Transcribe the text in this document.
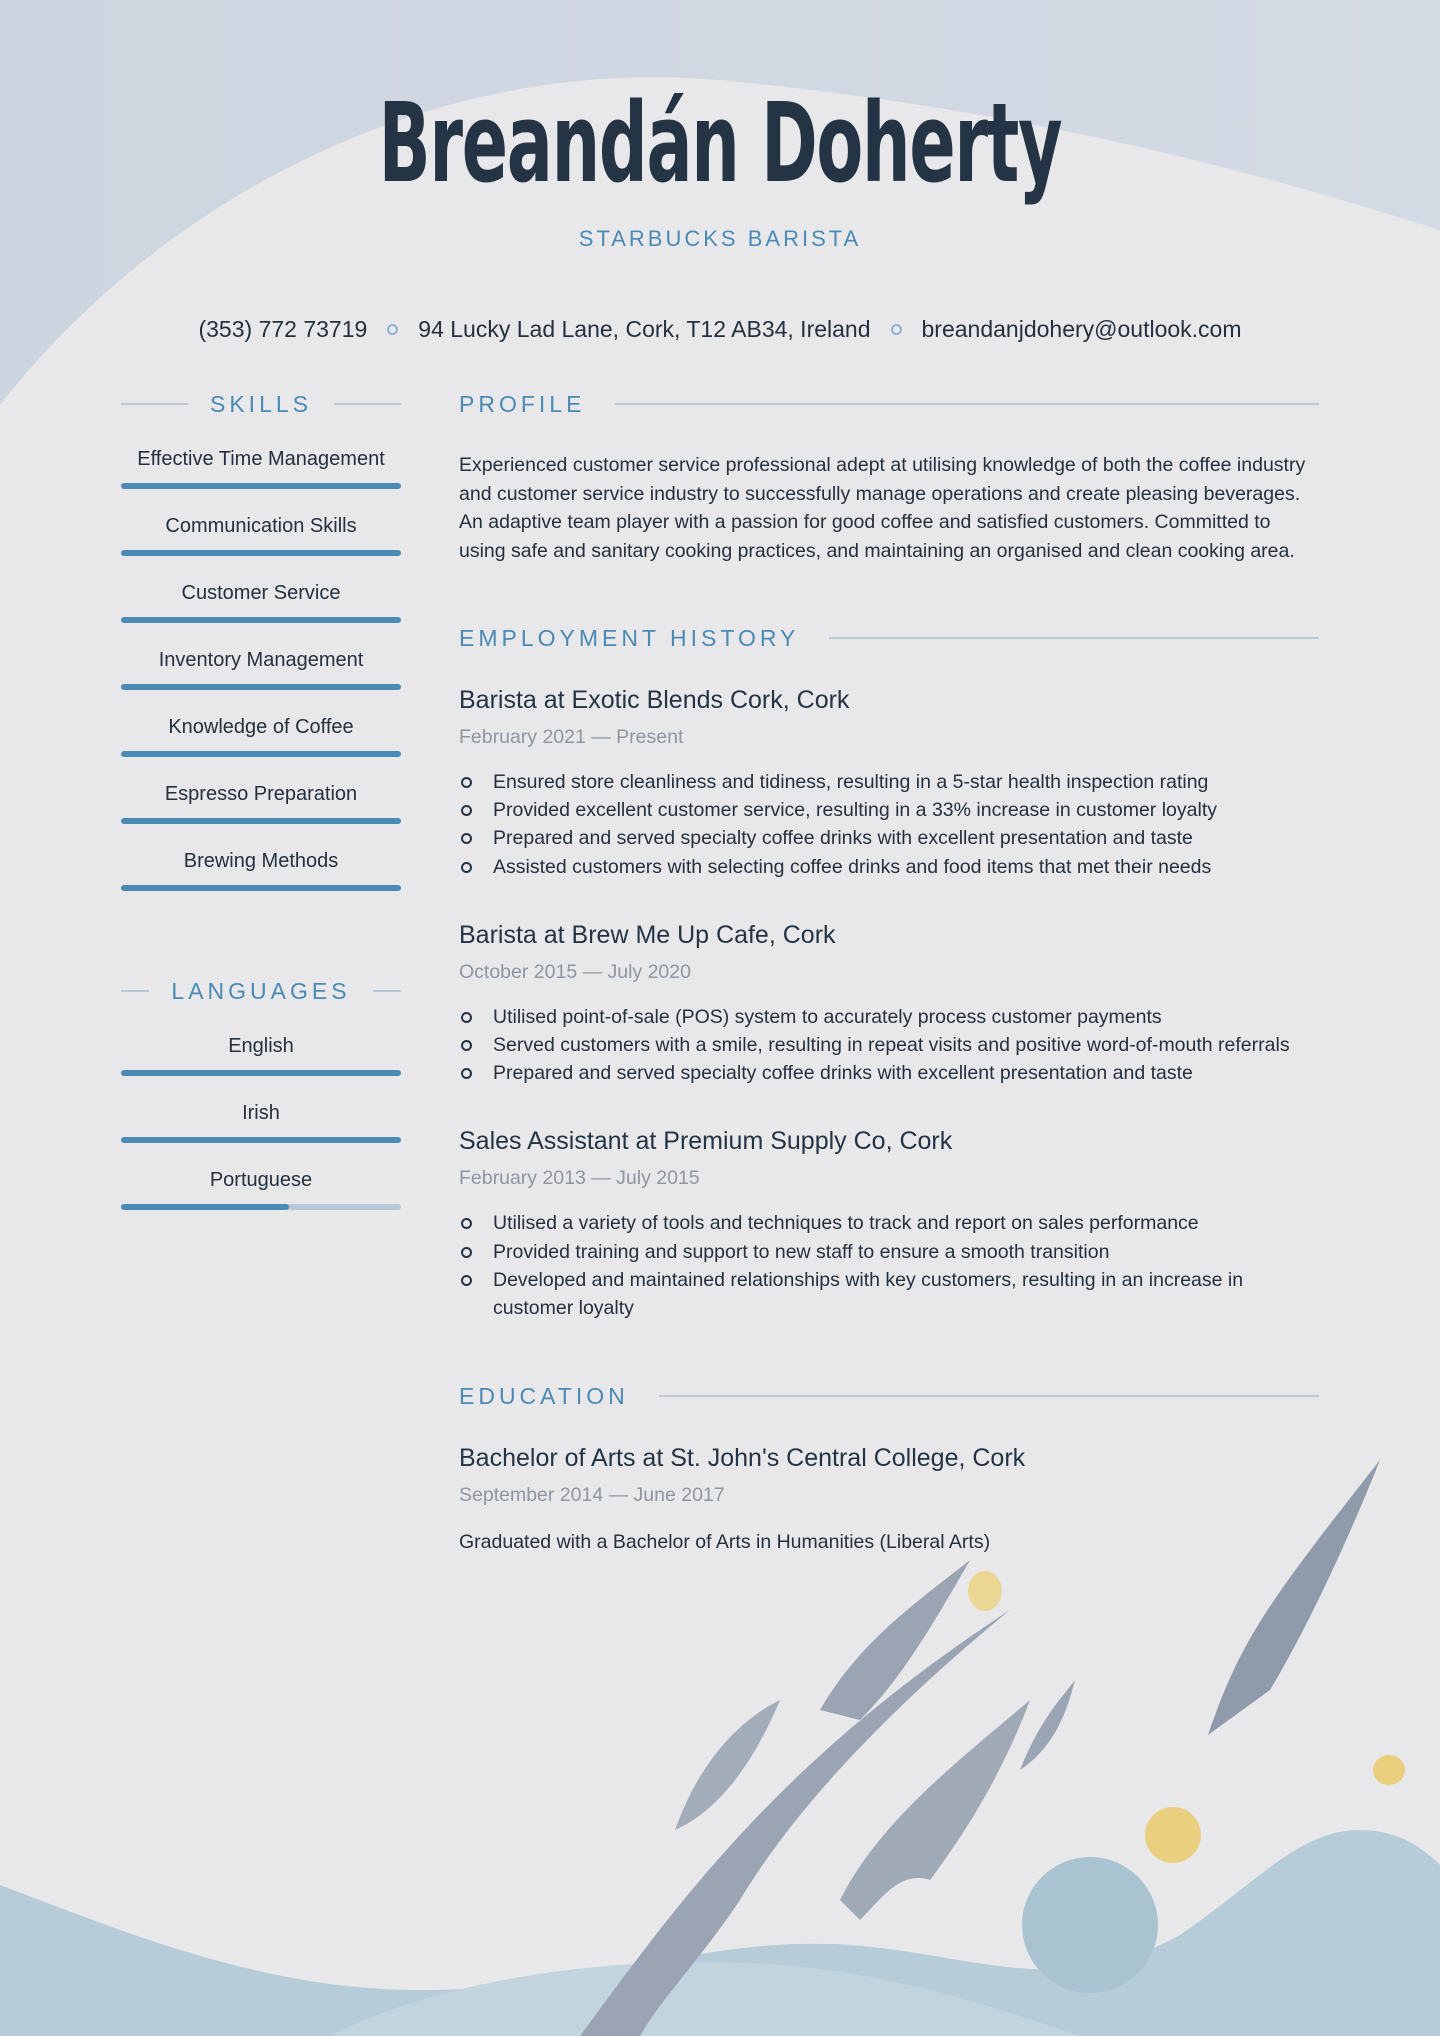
Breandán Doherty
STARBUCKS BARISTA
(353) 772 73719 94 Lucky Lad Lane, Cork, T12 AB34, Ireland breandanjdohery@outlook.com
SKILLS
Effective Time Management
Communication Skills
Customer Service
Inventory Management
Knowledge of Coffee
Espresso Preparation
Brewing Methods
LANGUAGES
English
Irish
Portuguese
PROFILE

Experienced customer service professional adept at utilising knowledge of both the coffee industry and customer service industry to successfully manage operations and create pleasing beverages. An adaptive team player with a passion for good coffee and satisfied customers. Committed to using safe and sanitary cooking practices, and maintaining an organised and clean cooking area.

EMPLOYMENT HISTORY
Barista at Exotic Blends Cork, Cork
February 2021 — Present
Ensured store cleanliness and tidiness, resulting in a 5-star health inspection rating
Provided excellent customer service, resulting in a 33% increase in customer loyalty
Prepared and served specialty coffee drinks with excellent presentation and taste
Assisted customers with selecting coffee drinks and food items that met their needs
Barista at Brew Me Up Cafe, Cork
October 2015 — July 2020
Utilised point-of-sale (POS) system to accurately process customer payments
Served customers with a smile, resulting in repeat visits and positive word-of-mouth referrals
Prepared and served specialty coffee drinks with excellent presentation and taste
Sales Assistant at Premium Supply Co, Cork
February 2013 — July 2015
Utilised a variety of tools and techniques to track and report on sales performance
Provided training and support to new staff to ensure a smooth transition
Developed and maintained relationships with key customers, resulting in an increase in customer loyalty
EDUCATION
Bachelor of Arts at St. John's Central College, Cork
September 2014 — June 2017

Graduated with a Bachelor of Arts in Humanities (Liberal Arts)
